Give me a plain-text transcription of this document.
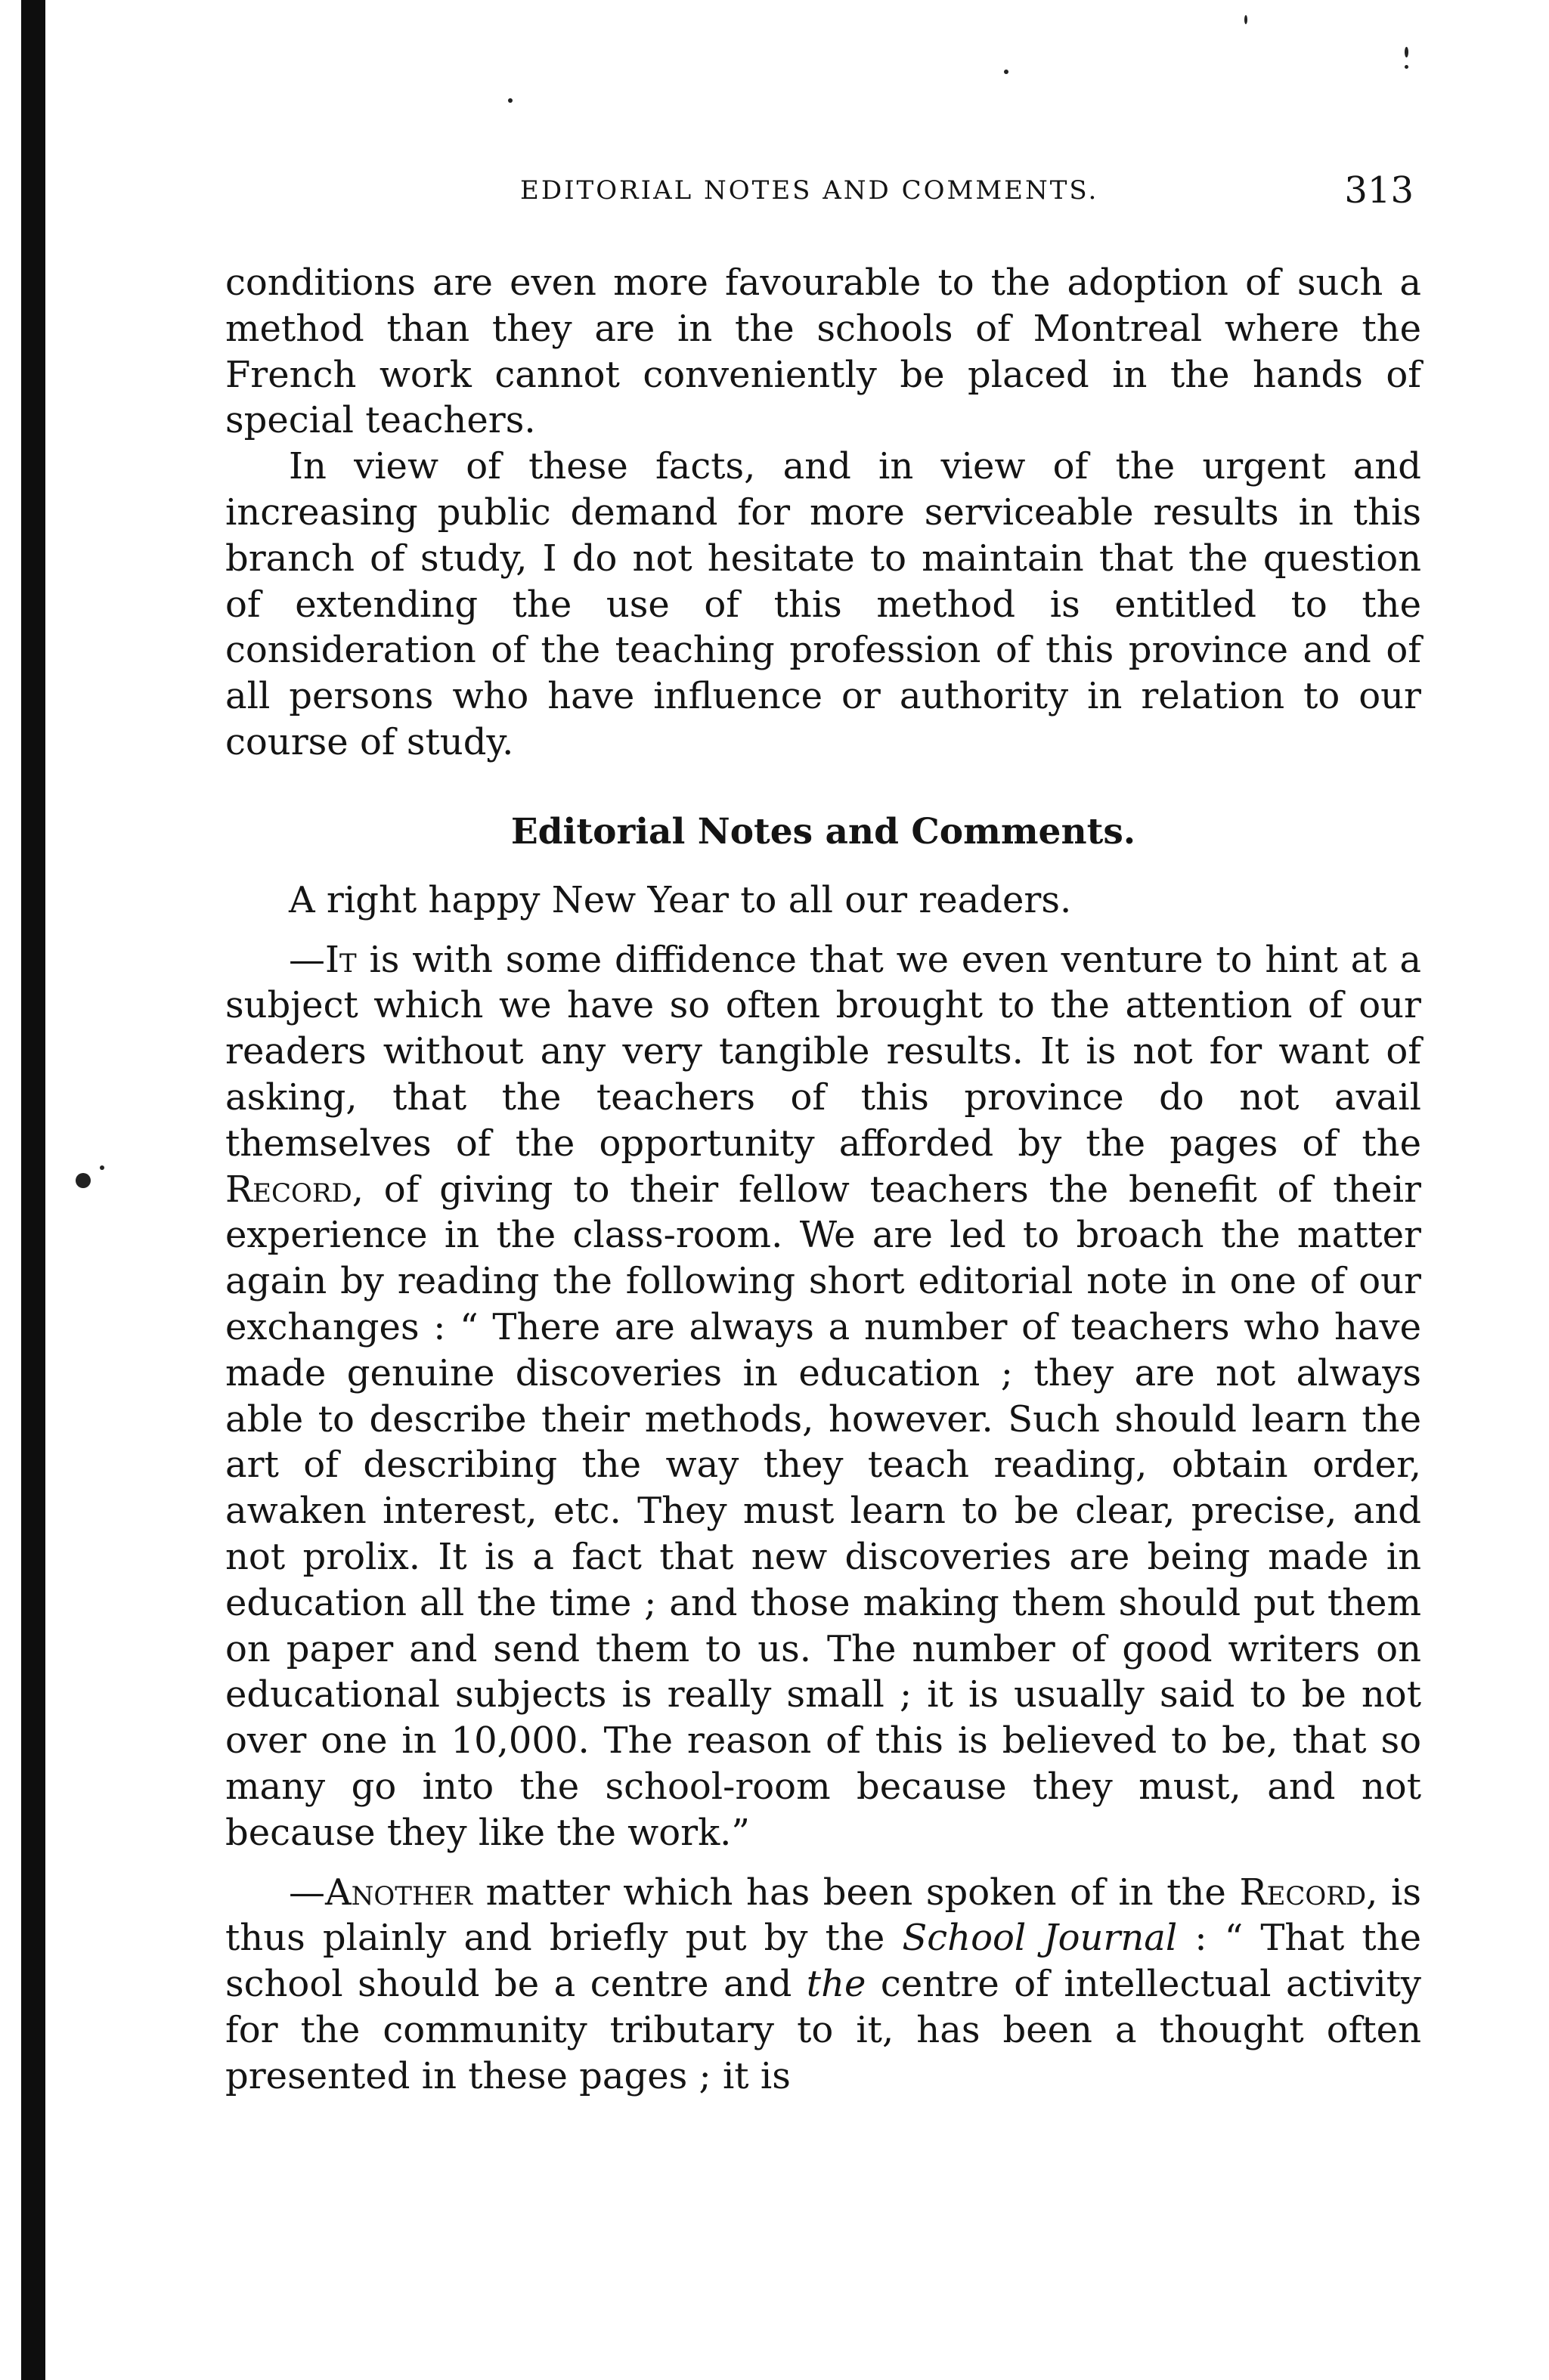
EDITORIAL NOTES AND COMMENTS.	313

conditions are even more favourable to the adoption of such a method than they are in the schools of Montreal where the French work cannot conveniently be placed in the hands of special teachers.

In view of these facts, and in view of the urgent and increasing public demand for more serviceable results in this branch of study, I do not hesitate to maintain that the question of extending the use of this method is entitled to the consideration of the teaching profession of this province and of all persons who have influence or authority in relation to our course of study.

Editorial Notes and Comments.

A right happy New Year to all our readers.

—It is with some diffidence that we even venture to hint at a subject which we have so often brought to the attention of our readers without any very tangible results. It is not for want of asking, that the teachers of this province do not avail themselves of the opportunity afforded by the pages of the Record, of giving to their fellow teachers the benefit of their experience in the class-room. We are led to broach the matter again by reading the following short editorial note in one of our exchanges : “ There are always a number of teachers who have made genuine discoveries in education ; they are not always able to describe their methods, however. Such should learn the art of describing the way they teach reading, obtain order, awaken interest, etc. They must learn to be clear, precise, and not prolix. It is a fact that new discoveries are being made in education all the time ; and those making them should put them on paper and send them to us. The number of good writers on educational subjects is really small ; it is usually said to be not over one in 10,000. The reason of this is believed to be, that so many go into the school-room because they must, and not because they like the work.”

—Another matter which has been spoken of in the Record, is thus plainly and briefly put by the School Journal : “ That the school should be a centre and the centre of intellectual activity for the community tributary to it, has been a thought often presented in these pages ; it is
